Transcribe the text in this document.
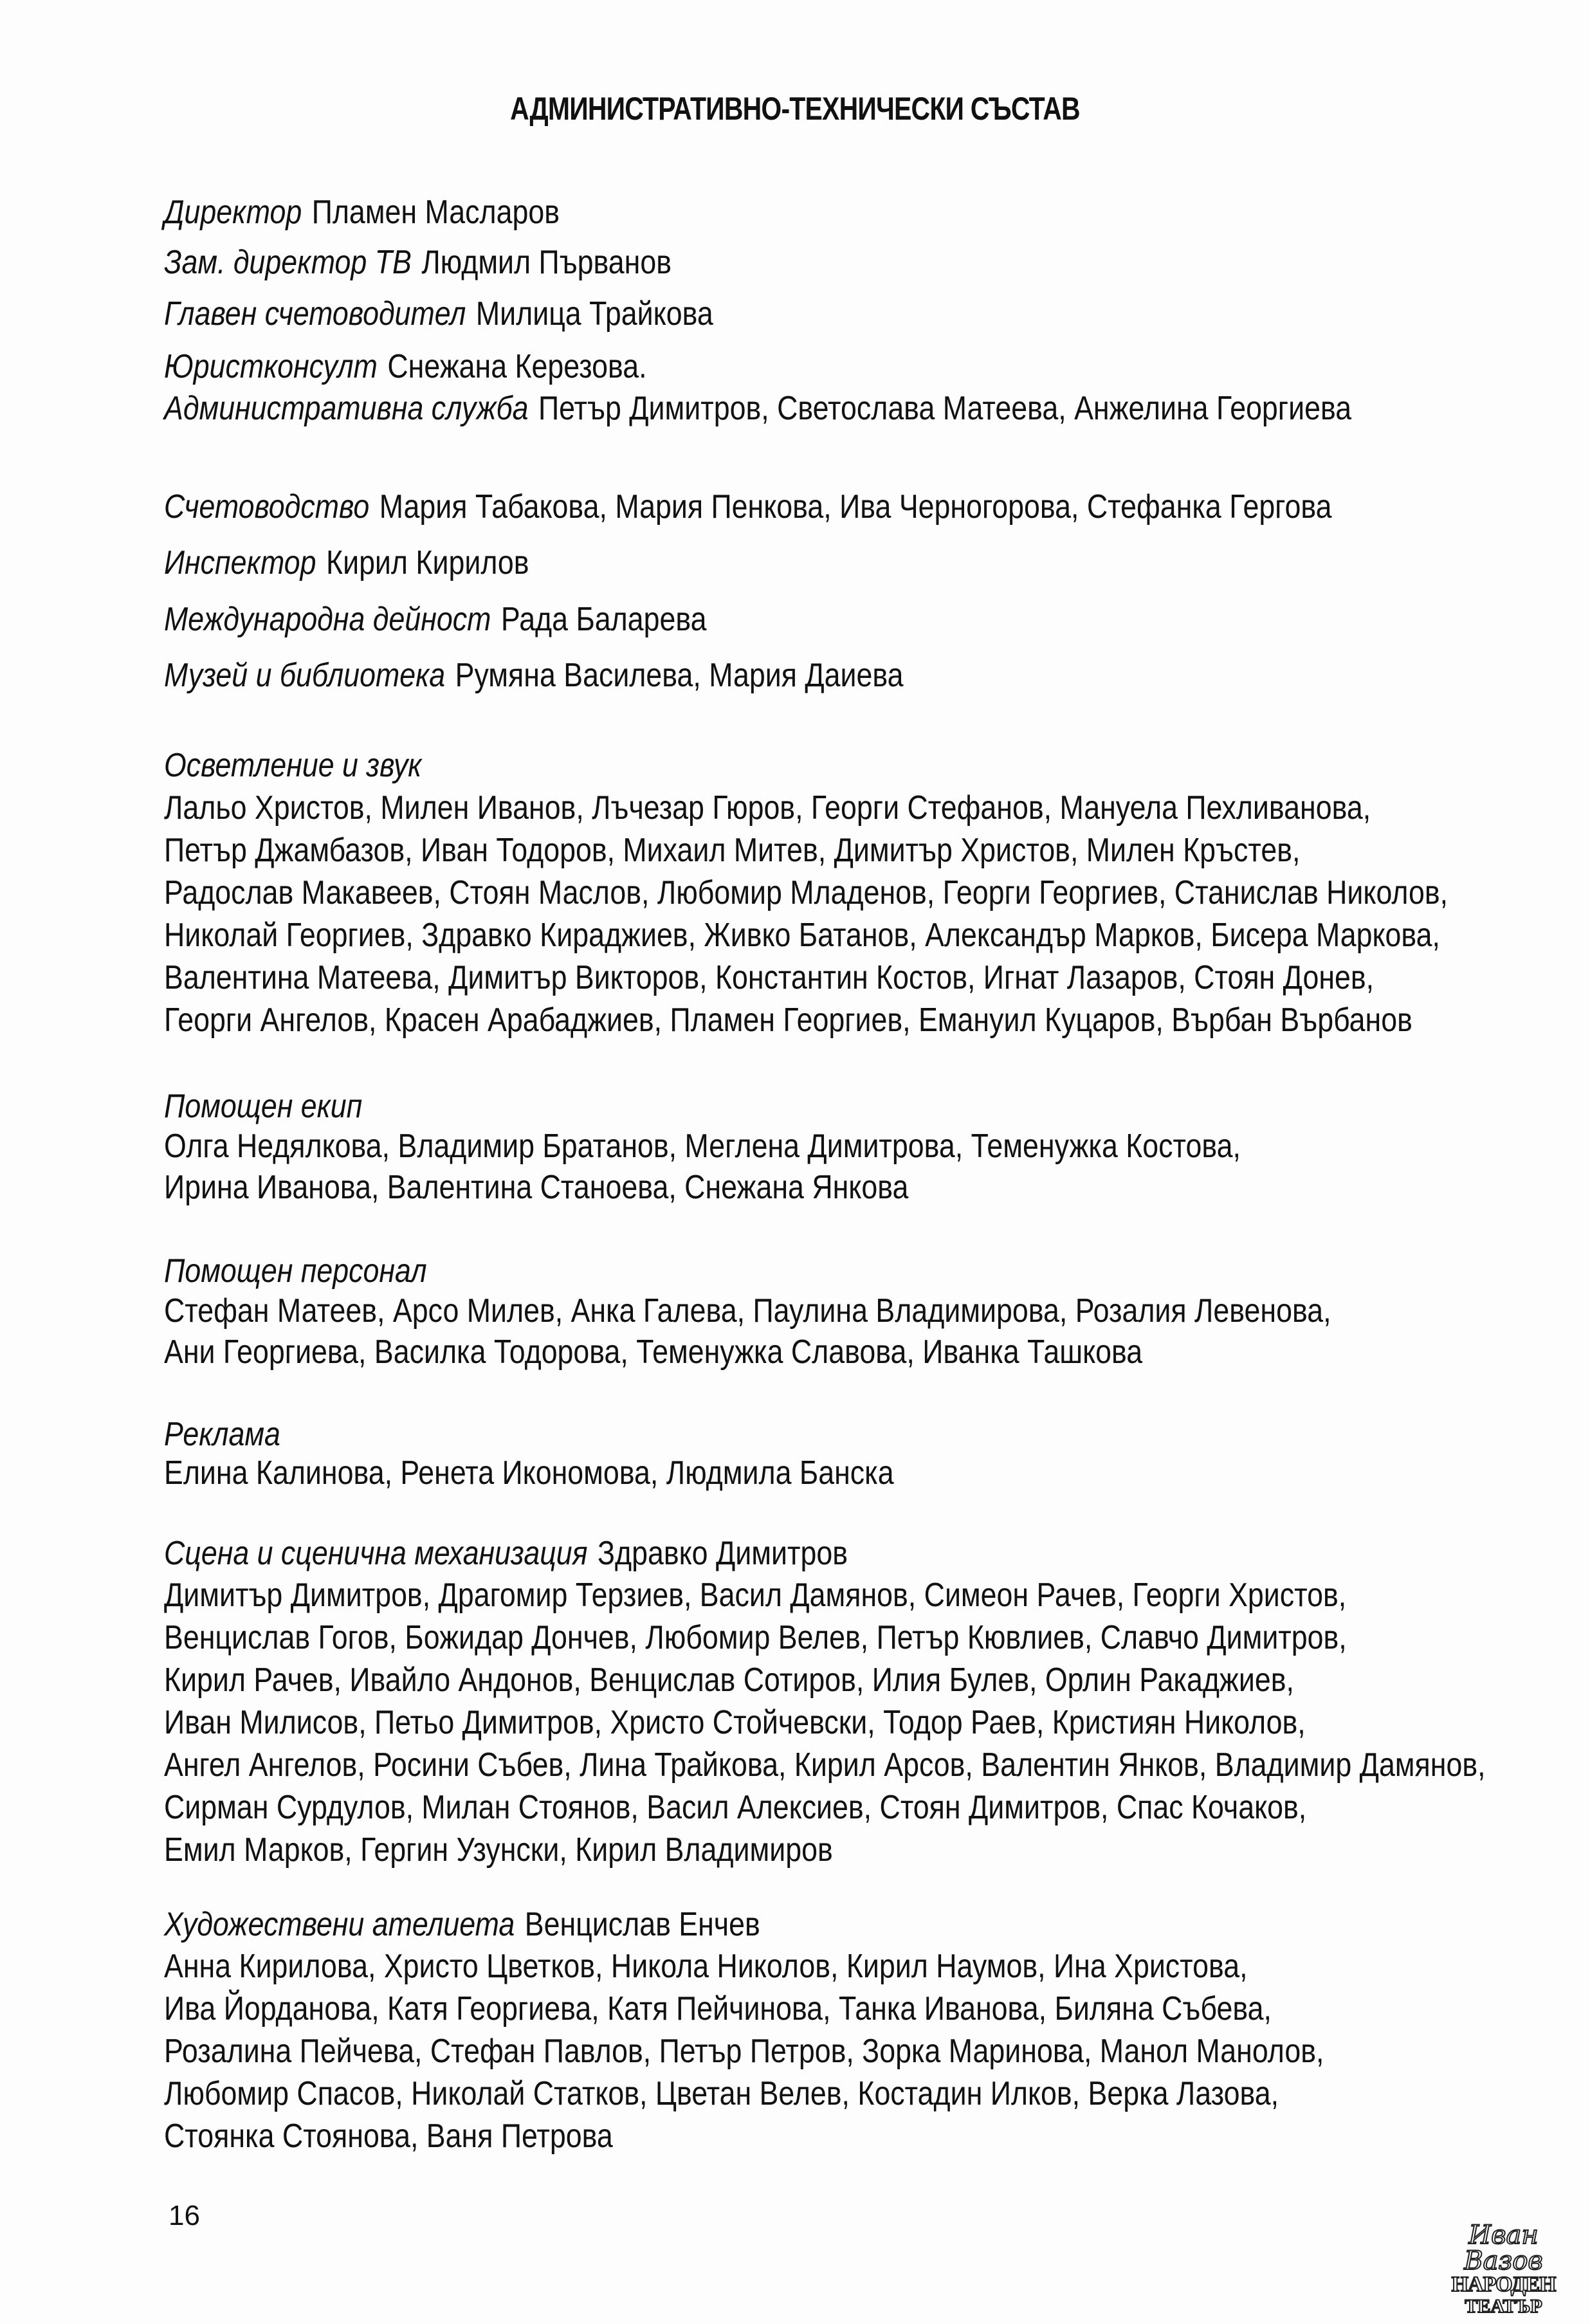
АДМИНИСТРАТИВНО-ТЕХНИЧЕСКИ СЪСТАВ
Директор Пламен Масларов
Зам. директор ТВ Людмил Първанов
Главен счетоводител Милица Трайкова
Юристконсулт Снежана Керезова.
Административна служба Петър Димитров, Светослава Матеева, Анжелина Георгиева
Счетоводство Мария Табакова, Мария Пенкова, Ива Черногорова, Стефанка Гергова
Инспектор Кирил Кирилов
Международна дейност Рада Баларева
Музей и библиотека Румяна Василева, Мария Даиева
Осветление и звук
Лальо Христов, Милен Иванов, Лъчезар Гюров, Георги Стефанов, Мануела Пехливанова,
Петър Джамбазов, Иван Тодоров, Михаил Митев, Димитър Христов, Милен Кръстев,
Радослав Макавеев, Стоян Маслов, Любомир Младенов, Георги Георгиев, Станислав Николов,
Николай Георгиев, Здравко Кираджиев, Живко Батанов, Александър Марков, Бисера Маркова,
Валентина Матеева, Димитър Викторов, Константин Костов, Игнат Лазаров, Стоян Донев,
Георги Ангелов, Красен Арабаджиев, Пламен Георгиев, Емануил Куцаров, Върбан Върбанов
Помощен екип
Олга Недялкова, Владимир Братанов, Меглена Димитрова, Теменужка Костова,
Ирина Иванова, Валентина Станоева, Снежана Янкова
Помощен персонал
Стефан Матеев, Арсо Милев, Анка Галева, Паулина Владимирова, Розалия Левенова,
Ани Георгиева, Василка Тодорова, Теменужка Славова, Иванка Ташкова
Реклама
Елина Калинова, Ренета Икономова, Людмила Банска
Сцена и сценична механизация Здравко Димитров
Димитър Димитров, Драгомир Терзиев, Васил Дамянов, Симеон Рачев, Георги Христов,
Венцислав Гогов, Божидар Дончев, Любомир Велев, Петър Кювлиев, Славчо Димитров,
Кирил Рачев, Ивайло Андонов, Венцислав Сотиров, Илия Булев, Орлин Ракаджиев,
Иван Милисов, Петьо Димитров, Христо Стойчевски, Тодор Раев, Кристиян Николов,
Ангел Ангелов, Росини Събев, Лина Трайкова, Кирил Арсов, Валентин Янков, Владимир Дамянов,
Сирман Сурдулов, Милан Стоянов, Васил Алексиев, Стоян Димитров, Спас Кочаков,
Емил Марков, Гергин Узунски, Кирил Владимиров
Художествени ателиета Венцислав Енчев
Анна Кирилова, Христо Цветков, Никола Николов, Кирил Наумов, Ина Христова,
Ива Йорданова, Катя Георгиева, Катя Пейчинова, Танка Иванова, Биляна Събева,
Розалина Пейчева, Стефан Павлов, Петър Петров, Зорка Маринова, Манол Манолов,
Любомир Спасов, Николай Статков, Цветан Велев, Костадин Илков, Верка Лазова,
Стоянка Стоянова, Ваня Петрова
16
Иван Вазов
НАРОДЕН
ТЕАТЪР
